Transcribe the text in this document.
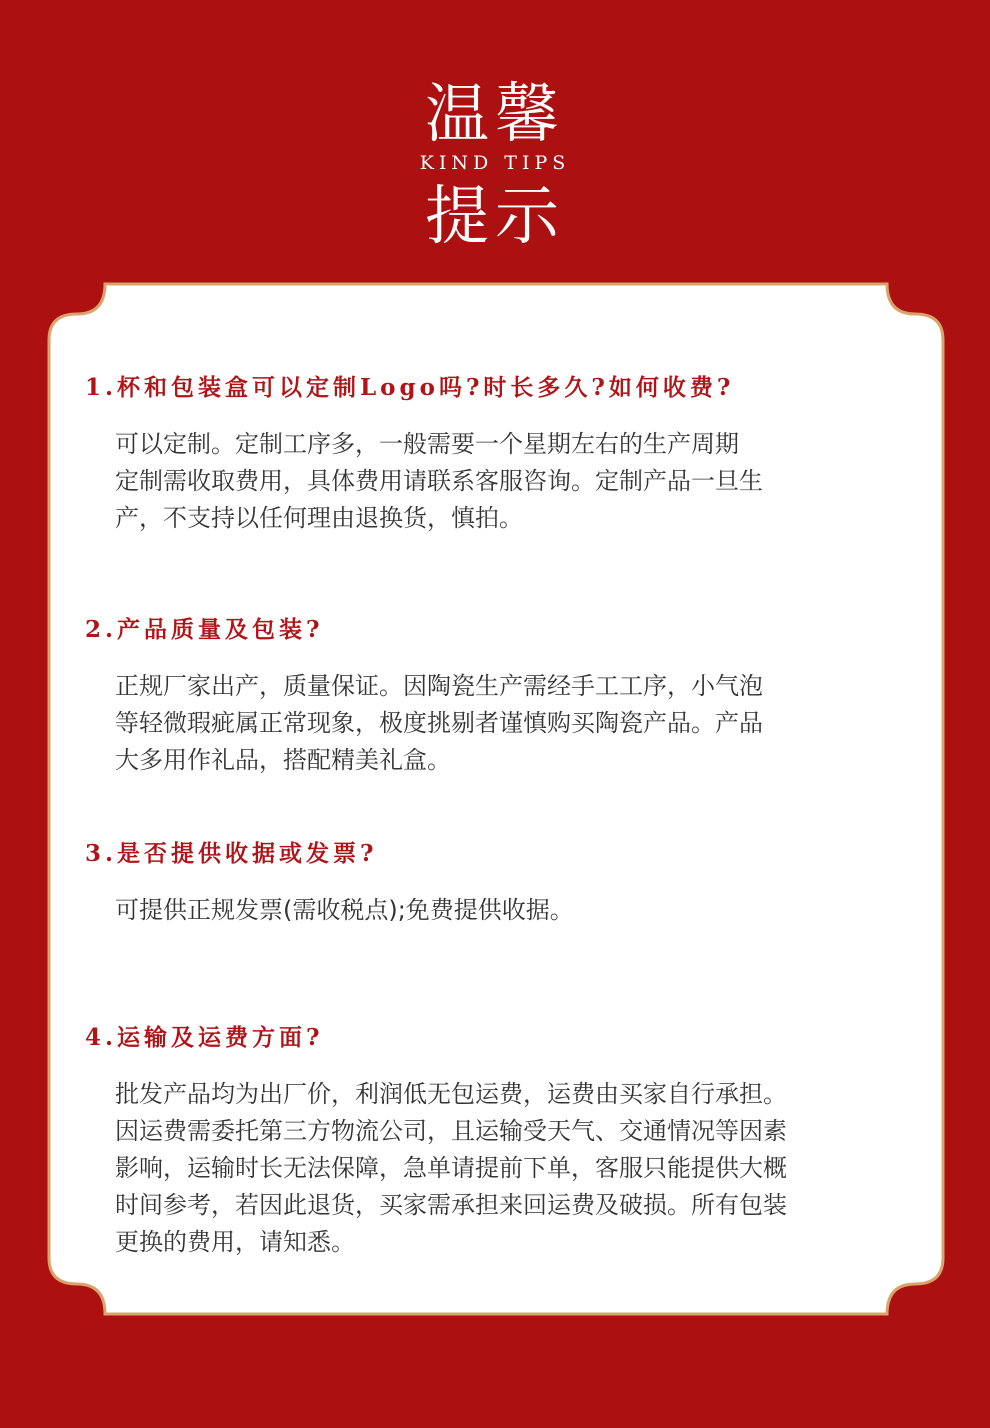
温馨
KIND TIPS
提示
1.杯和包装盒可以定制Logo吗?时长多久?如何收费?
可以定制。定制工序多，一般需要一个星期左右的生产周期
定制需收取费用，具体费用请联系客服咨询。定制产品一旦生
产，不支持以任何理由退换货，慎拍。
2.产品质量及包装?
正规厂家出产，质量保证。因陶瓷生产需经手工工序，小气泡
等轻微瑕疵属正常现象，极度挑剔者谨慎购买陶瓷产品。产品
大多用作礼品，搭配精美礼盒。
3.是否提供收据或发票?
可提供正规发票(需收税点);免费提供收据。
4.运输及运费方面?
批发产品均为出厂价，利润低无包运费，运费由买家自行承担。
因运费需委托第三方物流公司，且运输受天气、交通情况等因素
影响，运输时长无法保障，急单请提前下单，客服只能提供大概
时间参考，若因此退货，买家需承担来回运费及破损。所有包装
更换的费用，请知悉。
